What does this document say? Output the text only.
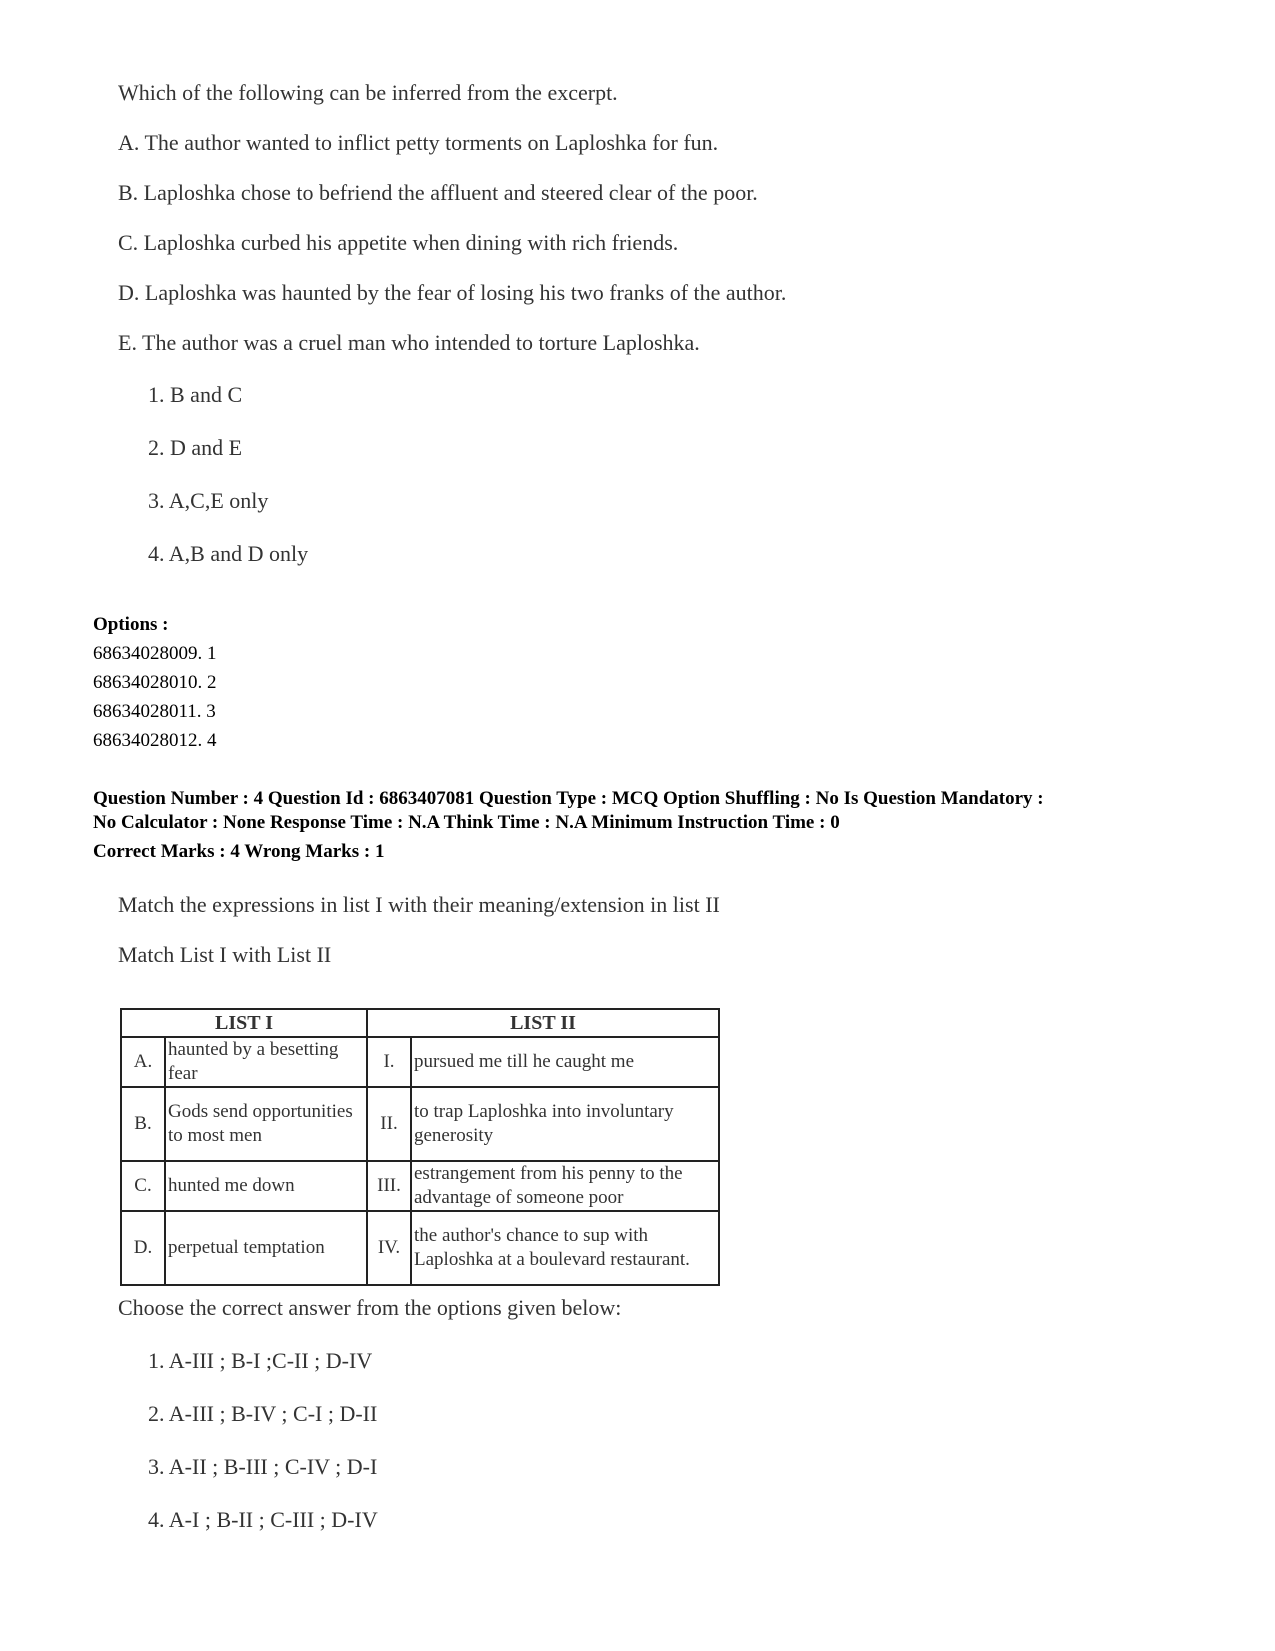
Which of the following can be inferred from the excerpt.
A. The author wanted to inflict petty torments on Laploshka for fun.
B. Laploshka chose to befriend the affluent and steered clear of the poor.
C. Laploshka curbed his appetite when dining with rich friends.
D. Laploshka was haunted by the fear of losing his two franks of the author.
E. The author was a cruel man who intended to torture Laploshka.
1. B and C
2. D and E
3. A,C,E only
4. A,B and D only
Options :
68634028009. 1
68634028010. 2
68634028011. 3
68634028012. 4
Question Number : 4 Question Id : 6863407081 Question Type : MCQ Option Shuffling : No Is Question Mandatory :
No Calculator : None Response Time : N.A Think Time : N.A Minimum Instruction Time : 0
Correct Marks : 4 Wrong Marks : 1
Match the expressions in list I with their meaning/extension in list II
Match List I with List II
LIST I		LIST II	
A.	haunted by a besetting fear	I.	pursued me till he caught me
B.	Gods send opportunities to most men	II.	to trap Laploshka into involuntary generosity
C.	hunted me down	III.	estrangement from his penny to the advantage of someone poor
D.	perpetual temptation	IV.	the author's chance to sup with Laploshka at a boulevard restaurant.
Choose the correct answer from the options given below:
1. A-III ; B-I ;C-II ; D-IV
2. A-III ; B-IV ; C-I ; D-II
3. A-II ; B-III ; C-IV ; D-I
4. A-I ; B-II ; C-III ; D-IV
